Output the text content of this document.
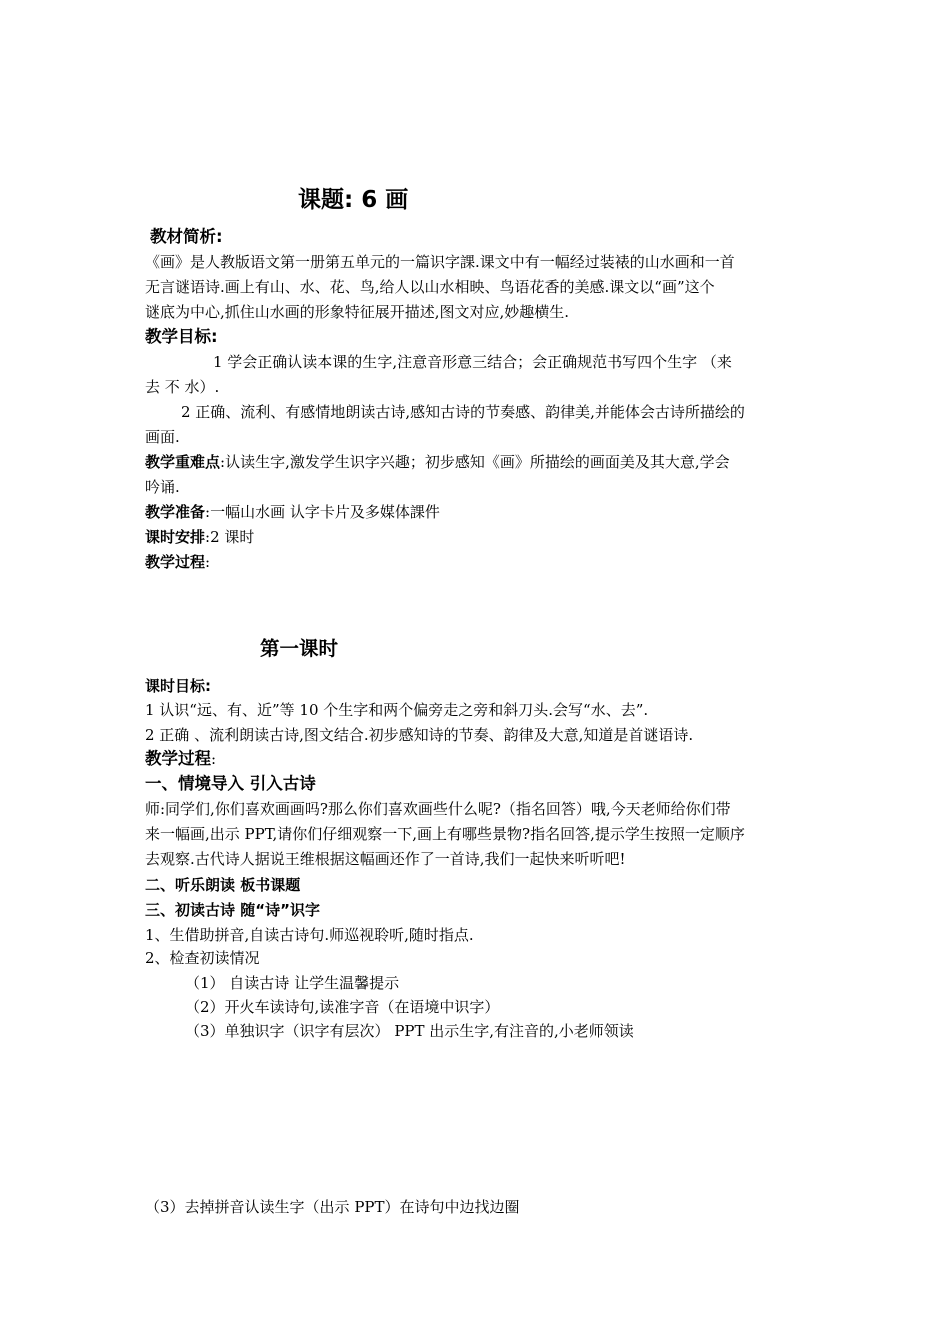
课题: 6 画
教材简析:
《画》是人教版语文第一册第五单元的一篇识字課.课文中有一幅经过装裱的山水画和一首
无言谜语诗.画上有山、水、花、鸟,给人以山水相映、鸟语花香的美感.课文以“画”这个
谜底为中心,抓住山水画的形象特征展开描述,图文对应,妙趣横生.
教学目标:
1 学会正确认读本课的生字,注意音形意三结合；会正确规范书写四个生字 （来
去 不 水）.
2 正确、流利、有感情地朗读古诗,感知古诗的节奏感、韵律美,并能体会古诗所描绘的
画面.
教学重难点:认读生字,激发学生识字兴趣；初步感知《画》所描绘的画面美及其大意,学会
吟诵.
教学准备:一幅山水画 认字卡片及多媒体課件
课时安排:2 课时
教学过程:
第一课时
课时目标:
1 认识“远、有、近”等 10 个生字和两个偏旁走之旁和斜刀头.会写“水、去”.
2 正确 、流利朗读古诗,图文结合.初步感知诗的节奏、韵律及大意,知道是首谜语诗.
教学过程:
一、情境导入 引入古诗
师:同学们,你们喜欢画画吗?那么你们喜欢画些什么呢?（指名回答）哦,今天老师给你们带
来一幅画,出示 PPT,请你们仔细观察一下,画上有哪些景物?指名回答,提示学生按照一定顺序
去观察.古代诗人据说王维根据这幅画还作了一首诗,我们一起快来听听吧!
二、听乐朗读 板书课题
三、初读古诗 随“诗”识字
1、生借助拼音,自读古诗句.师巡视聆听,随时指点.
2、检查初读情况
（1） 自读古诗 让学生温馨提示
（2）开火车读诗句,读准字音（在语境中识字）
（3）单独识字（识字有层次） PPT 出示生字,有注音的,小老师领读
（3）去掉拼音认读生字（出示 PPT）在诗句中边找边圈
